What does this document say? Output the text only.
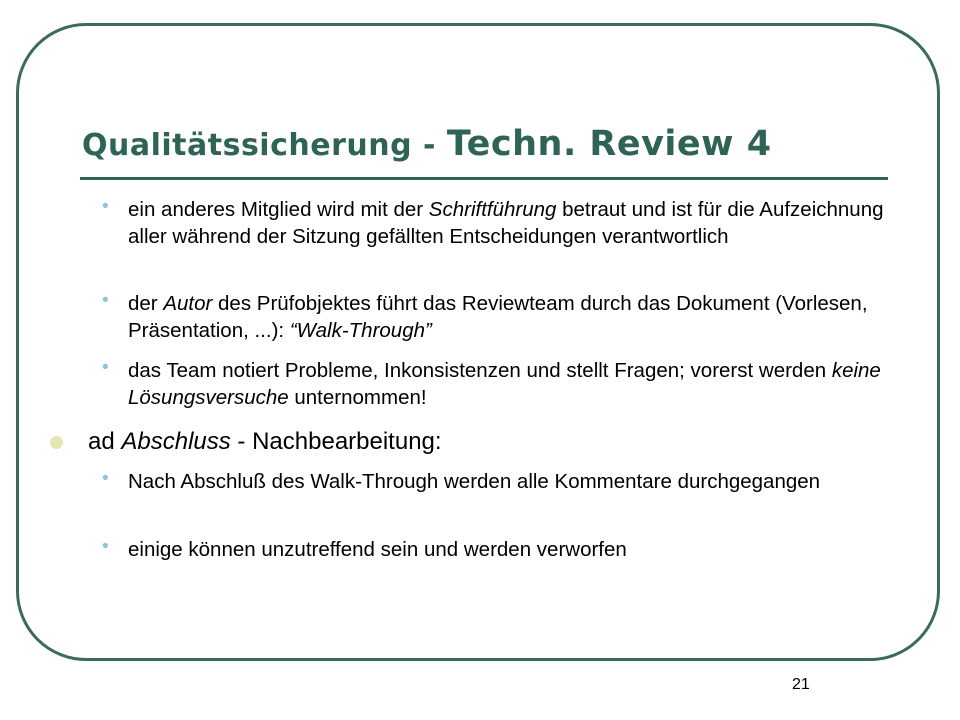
Qualitätssicherung - Techn. Review 4
• ein anderes Mitglied wird mit der Schriftführung betraut und ist für die Aufzeichnung aller während der Sitzung gefällten Entscheidungen verantwortlich
• der Autor des Prüfobjektes führt das Reviewteam durch das Dokument (Vorlesen, Präsentation, ...): “Walk-Through”
• das Team notiert Probleme, Inkonsistenzen und stellt Fragen; vorerst werden keine Lösungsversuche unternommen!
ad Abschluss - Nachbearbeitung:
• Nach Abschluß des Walk-Through werden alle Kommentare durchgegangen
• einige können unzutreffend sein und werden verworfen
21
